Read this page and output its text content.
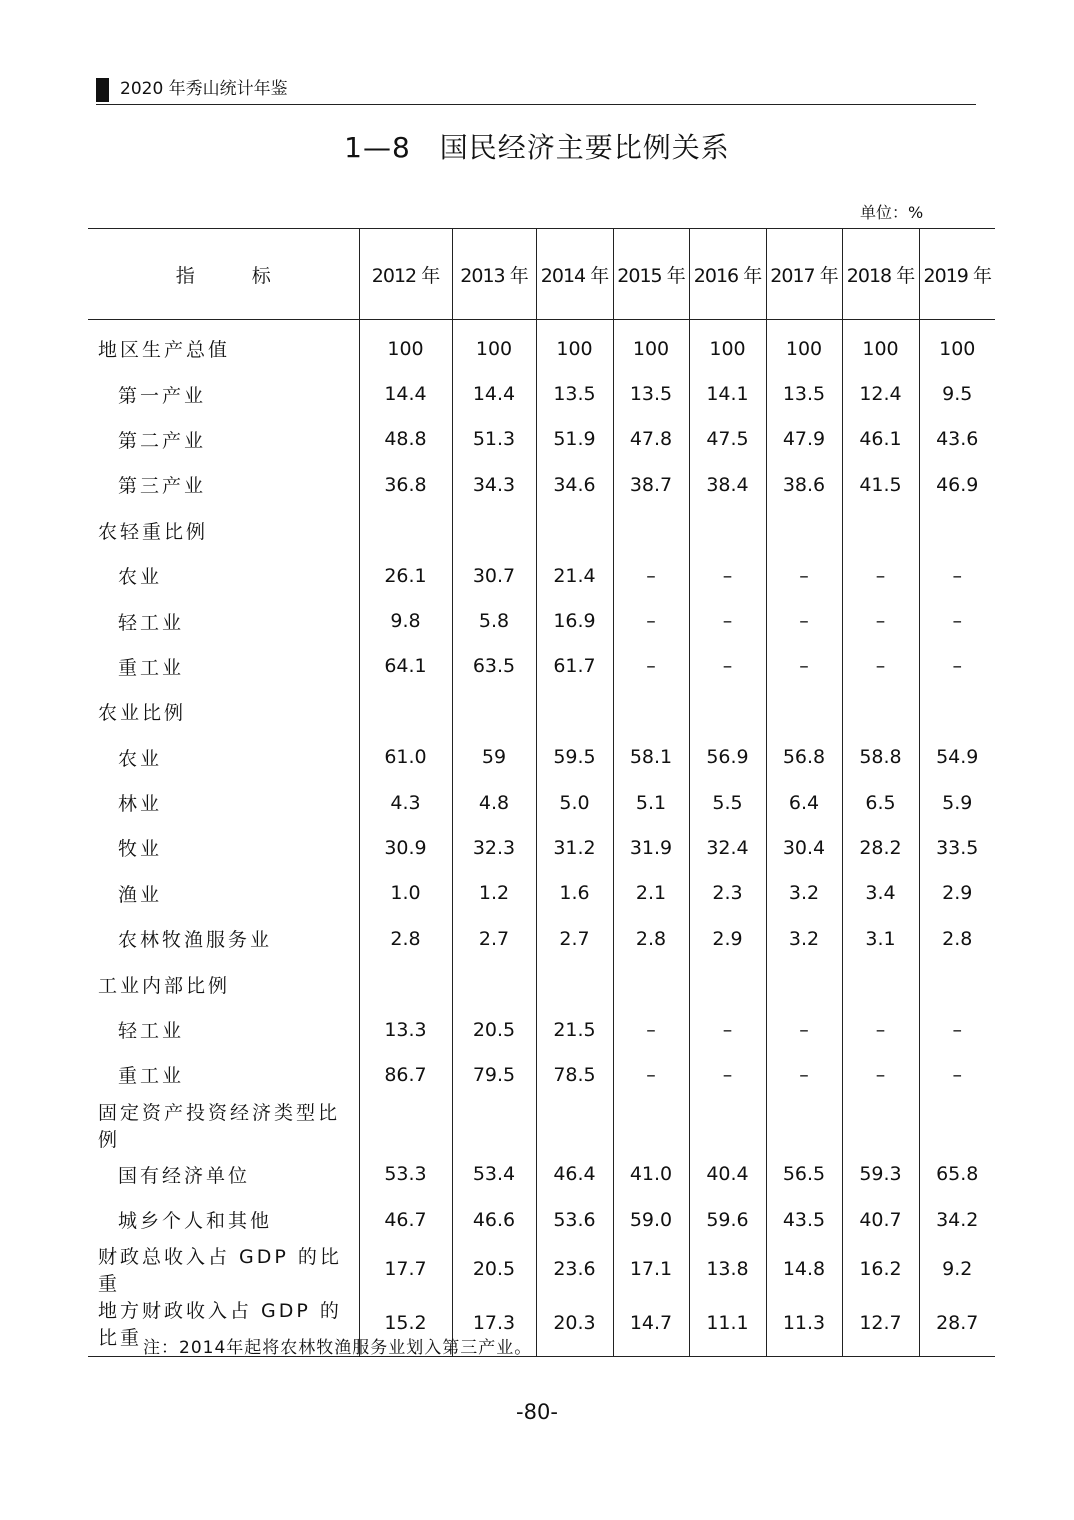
2020 年秀山统计年鉴
1—8　国民经济主要比例关系
单位：%
指　　　标	2012 年	2013 年	2014 年	2015 年	2016 年	2017 年	2018 年	2019 年
地区生产总值	100	100	100	100	100	100	100	100
第一产业	14.4	14.4	13.5	13.5	14.1	13.5	12.4	9.5
第二产业	48.8	51.3	51.9	47.8	47.5	47.9	46.1	43.6
第三产业	36.8	34.3	34.6	38.7	38.4	38.6	41.5	46.9
农轻重比例								
农业	26.1	30.7	21.4	–	–	–	–	–
轻工业	9.8	5.8	16.9	–	–	–	–	–
重工业	64.1	63.5	61.7	–	–	–	–	–
农业比例								
农业	61.0	59	59.5	58.1	56.9	56.8	58.8	54.9
林业	4.3	4.8	5.0	5.1	5.5	6.4	6.5	5.9
牧业	30.9	32.3	31.2	31.9	32.4	30.4	28.2	33.5
渔业	1.0	1.2	1.6	2.1	2.3	3.2	3.4	2.9
农林牧渔服务业	2.8	2.7	2.7	2.8	2.9	3.2	3.1	2.8
工业内部比例								
轻工业	13.3	20.5	21.5	–	–	–	–	–
重工业	86.7	79.5	78.5	–	–	–	–	–
固定资产投资经济类型比例								
国有经济单位	53.3	53.4	46.4	41.0	40.4	56.5	59.3	65.8
城乡个人和其他	46.7	46.6	53.6	59.0	59.6	43.5	40.7	34.2
财政总收入占 GDP 的比重	17.7	20.5	23.6	17.1	13.8	14.8	16.2	9.2
地方财政收入占 GDP 的比重	15.2	17.3	20.3	14.7	11.1	11.3	12.7	28.7
注：2014年起将农林牧渔服务业划入第三产业。
-80-
